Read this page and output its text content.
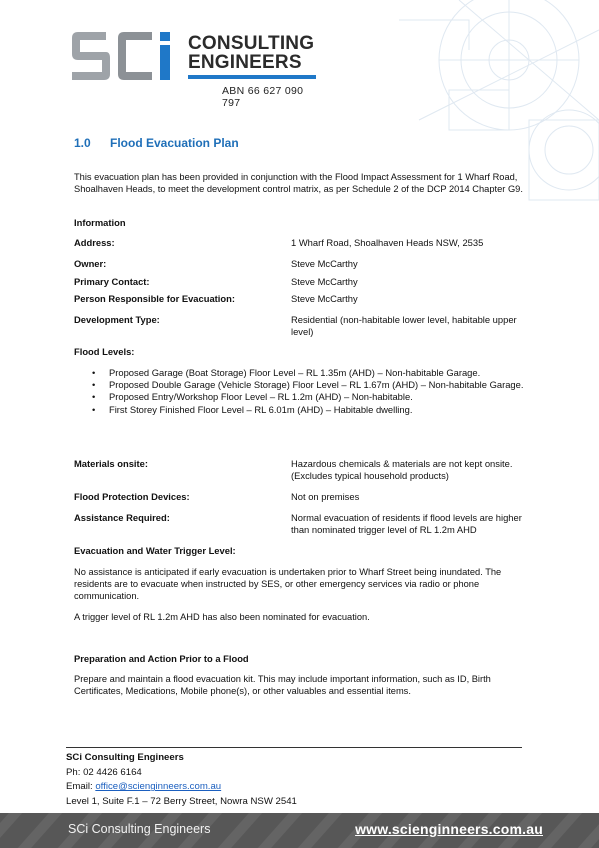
CONSULTING
ENGINEERS
ABN 66 627 090 797
1.0 Flood Evacuation Plan
This evacuation plan has been provided in conjunction with the Flood Impact Assessment for 1 Wharf Road, Shoalhaven Heads, to meet the development control matrix, as per Schedule 2 of the DCP 2014 Chapter G9.
Information
Address:	1 Wharf Road, Shoalhaven Heads NSW, 2535
Owner:	Steve McCarthy
Primary Contact:	Steve McCarthy
Person Responsible for Evacuation:	Steve McCarthy
Development Type:	Residential (non-habitable lower level, habitable upper level)
Flood Levels:
• Proposed Garage (Boat Storage) Floor Level – RL 1.35m (AHD) – Non-habitable Garage.
• Proposed Double Garage (Vehicle Storage) Floor Level – RL 1.67m (AHD) – Non-habitable Garage.
• Proposed Entry/Workshop Floor Level – RL 1.2m (AHD) – Non-habitable.
• First Storey Finished Floor Level – RL 6.01m (AHD) – Habitable dwelling.
Materials onsite:	Hazardous chemicals & materials are not kept onsite. (Excludes typical household products)
Flood Protection Devices:	Not on premises
Assistance Required:	Normal evacuation of residents if flood levels are higher than nominated trigger level of RL 1.2m AHD
Evacuation and Water Trigger Level:
No assistance is anticipated if early evacuation is undertaken prior to Wharf Street being inundated. The residents are to evacuate when instructed by SES, or other emergency services via radio or phone communication.
A trigger level of RL 1.2m AHD has also been nominated for evacuation.
Preparation and Action Prior to a Flood
Prepare and maintain a flood evacuation kit. This may include important information, such as ID, Birth Certificates, Medications, Mobile phone(s), or other valuables and essential items.
SCi Consulting Engineers
Ph: 02 4426 6164
Email: office@scienginneers.com.au
Level 1, Suite F.1 – 72 Berry Street, Nowra NSW 2541
SCi Consulting Engineers	www.scienginneers.com.au
